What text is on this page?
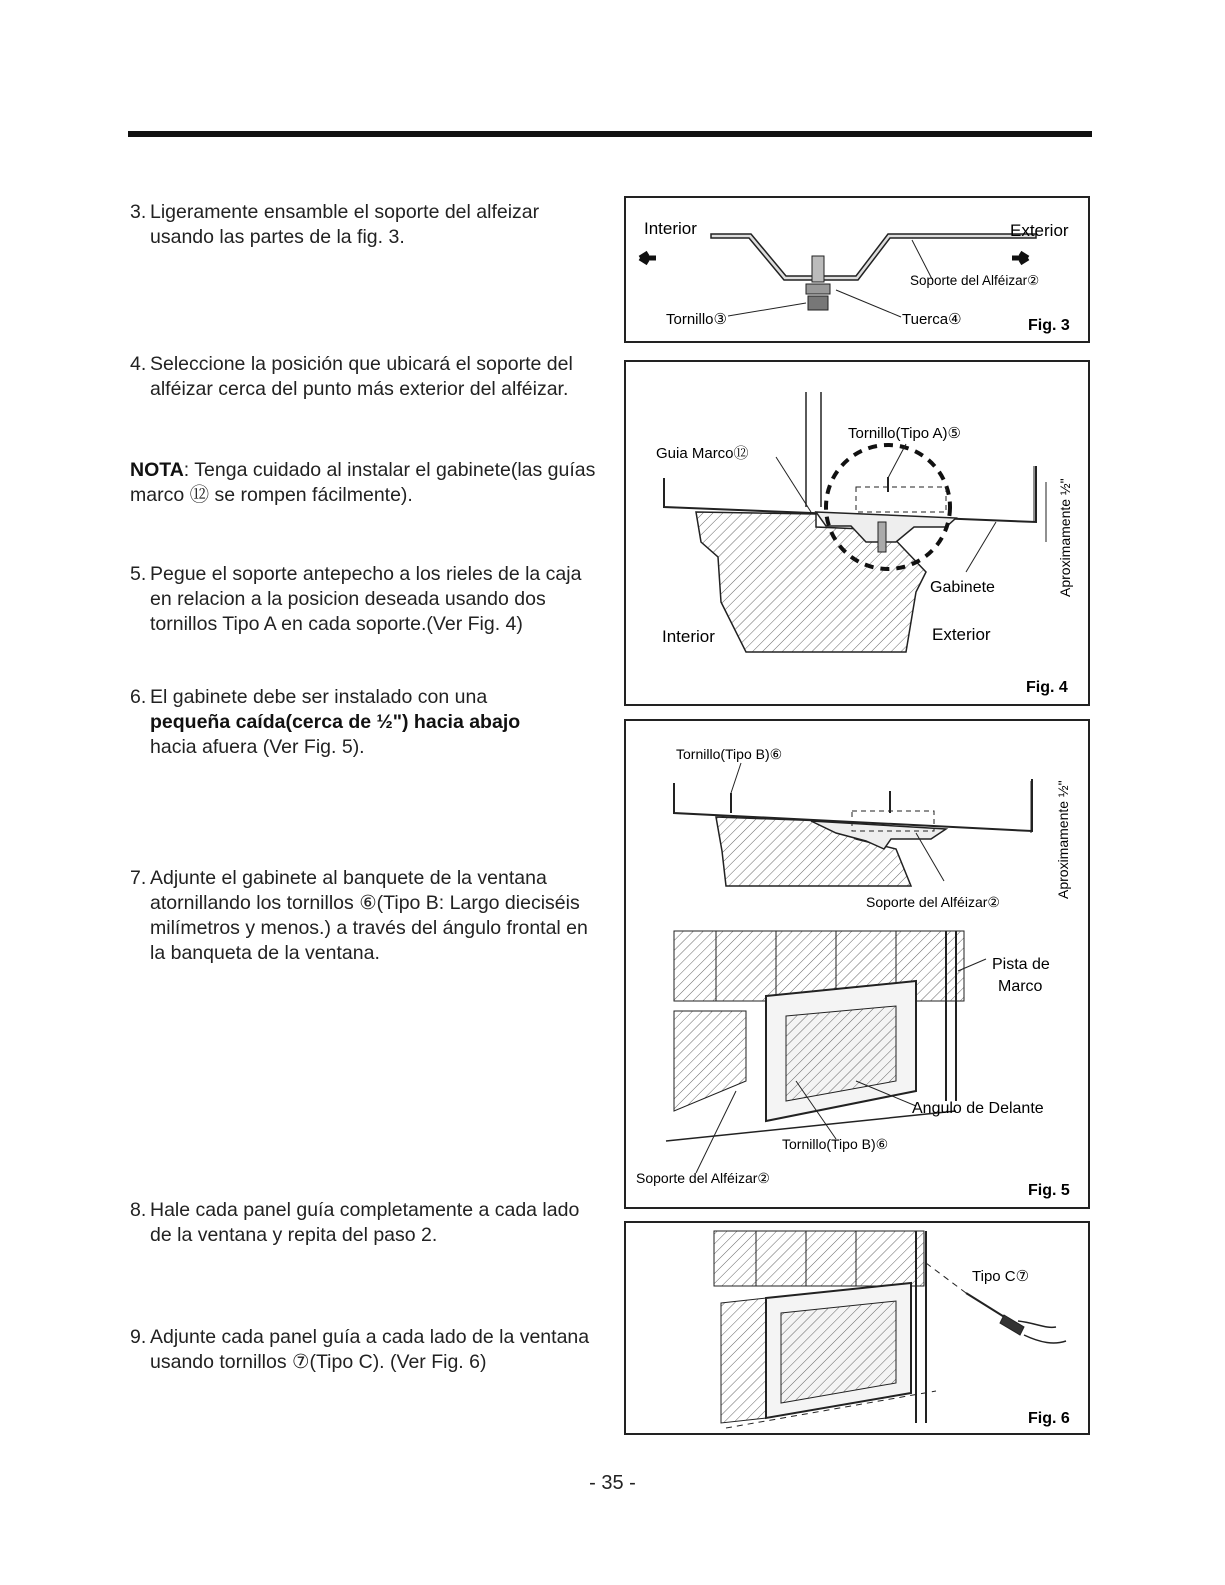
3. Ligeramente ensamble el soporte del alfeizar usando las partes de la fig. 3.
4. Seleccione la posición que ubicará el soporte del alféizar cerca del punto más exterior del alféizar.
NOTA: Tenga cuidado al instalar el gabinete(las guías marco ⑫ se rompen fácilmente).
5. Pegue el soporte antepecho a los rieles de la caja en relacion a la posicion deseada usando dos tornillos Tipo A en cada soporte.(Ver Fig. 4)
6. El gabinete debe ser instalado con una
pequeña caída(cerca de ½") hacia abajo
hacia afuera (Ver Fig. 5).
7. Adjunte el gabinete al banquete de la ventana atornillando los tornillos ⑥(Tipo B: Largo dieciséis milímetros y menos.) a través del ángulo frontal en la banqueta de la ventana.
8. Hale cada panel guía completamente a cada lado de la ventana y repita del paso 2.
9. Adjunte cada panel guía a cada lado de la ventana usando tornillos ⑦(Tipo C). (Ver Fig. 6)
Interior	Exterior
Soporte del Alféizar②
Tornillo③	Tuerca④	Fig. 3
Guia Marco⑫
Tornillo(Tipo A)⑤
Gabinete
Interior	Exterior
Aproximamente ½"
Fig. 4
Tornillo(Tipo B)⑥
Soporte del Alféizar②
Aproximamente ½"
Pista de
Marco
Angulo de Delante
Tornillo(Tipo B)⑥
Soporte del Alféizar②
Fig. 5
Tipo C⑦
Fig. 6
- 35 -
